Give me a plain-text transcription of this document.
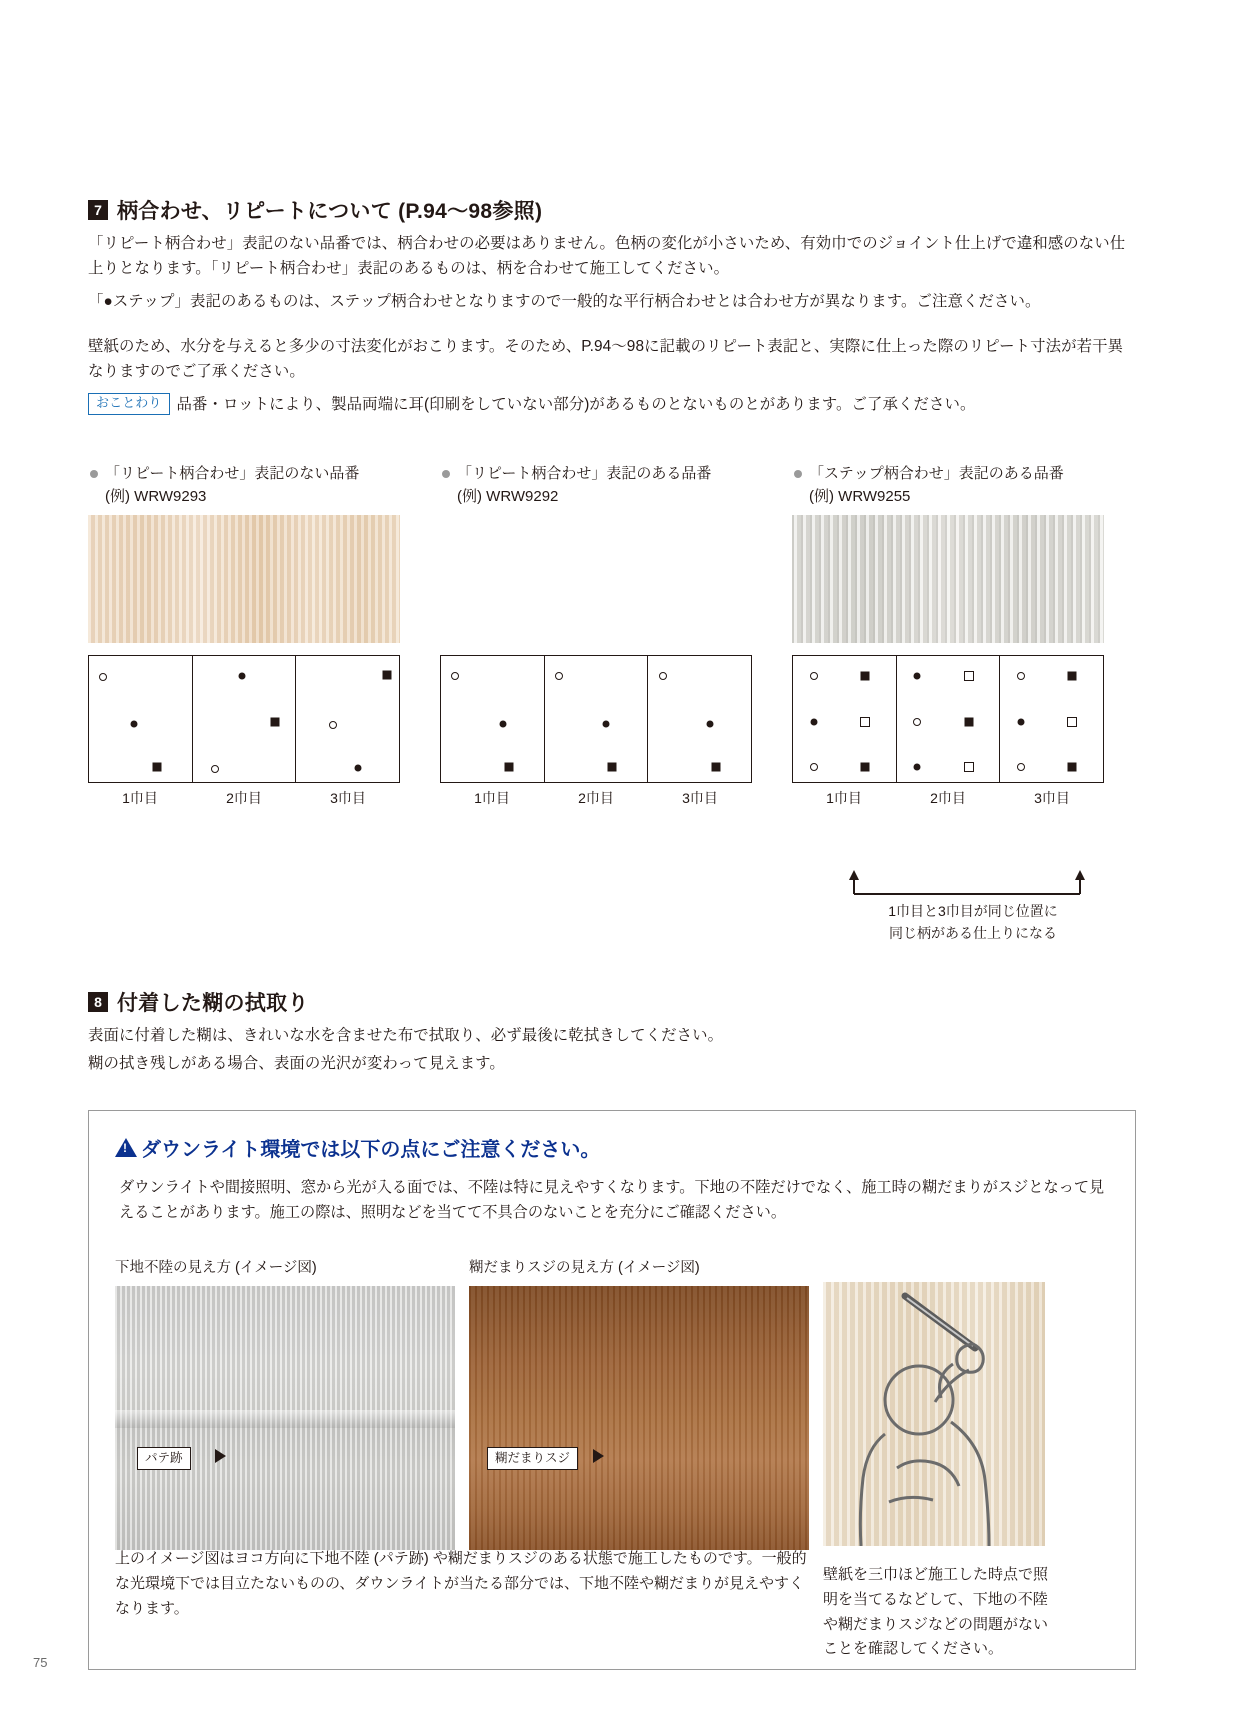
7 柄合わせ、リピートについて (P.94〜98参照)
「リピート柄合わせ」表記のない品番では、柄合わせの必要はありません。色柄の変化が小さいため、有効巾でのジョイント仕上げで違和感のない仕上りとなります。「リピート柄合わせ」表記のあるものは、柄を合わせて施工してください。
「●ステップ」表記のあるものは、ステップ柄合わせとなりますので一般的な平行柄合わせとは合わせ方が異なります。ご注意ください。
壁紙のため、水分を与えると多少の寸法変化がおこります。そのため、P.94〜98に記載のリピート表記と、実際に仕上った際のリピート寸法が若干異なりますのでご了承ください。
おことわり 品番・ロットにより、製品両端に耳(印刷をしていない部分)があるものとないものとがあります。ご了承ください。
「リピート柄合わせ」表記のない品番
(例) WRW9293
1巾目	2巾目	3巾目
「リピート柄合わせ」表記のある品番
(例) WRW9292
1巾目	2巾目	3巾目
「ステップ柄合わせ」表記のある品番
(例) WRW9255
1巾目	2巾目	3巾目
1巾目と3巾目が同じ位置に
同じ柄がある仕上りになる
8 付着した糊の拭取り
表面に付着した糊は、きれいな水を含ませた布で拭取り、必ず最後に乾拭きしてください。
糊の拭き残しがある場合、表面の光沢が変わって見えます。
!
ダウンライト環境では以下の点にご注意ください。
ダウンライトや間接照明、窓から光が入る面では、不陸は特に見えやすくなります。下地の不陸だけでなく、施工時の糊だまりがスジとなって見えることがあります。施工の際は、照明などを当てて不具合のないことを充分にご確認ください。
下地不陸の見え方 (イメージ図)
パテ跡
糊だまりスジの見え方 (イメージ図)
糊だまりスジ
上のイメージ図はヨコ方向に下地不陸 (パテ跡) や糊だまりスジのある状態で施工したものです。一般的な光環境下では目立たないものの、ダウンライトが当たる部分では、下地不陸や糊だまりが見えやすくなります。
壁紙を三巾ほど施工した時点で照明を当てるなどして、下地の不陸や糊だまりスジなどの問題がないことを確認してください。
75
